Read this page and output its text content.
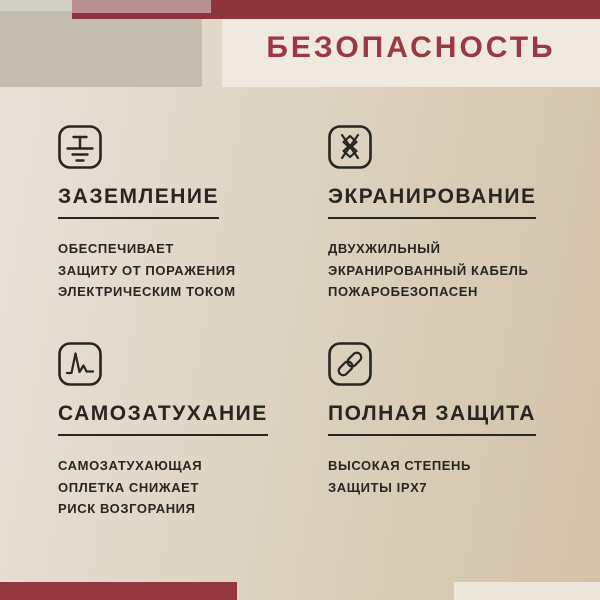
БЕЗОПАСНОСТЬ
ЗАЗЕМЛЕНИЕ
ОБЕСПЕЧИВАЕТ
ЗАЩИТУ ОТ ПОРАЖЕНИЯ
ЭЛЕКТРИЧЕСКИМ ТОКОМ
ЭКРАНИРОВАНИЕ
ДВУХЖИЛЬНЫЙ
ЭКРАНИРОВАННЫЙ КАБЕЛЬ
ПОЖАРОБЕЗОПАСЕН
САМОЗАТУХАНИЕ
САМОЗАТУХАЮЩАЯ
ОПЛЕТКА СНИЖАЕТ
РИСК ВОЗГОРАНИЯ
ПОЛНАЯ ЗАЩИТА
ВЫСОКАЯ СТЕПЕНЬ
ЗАЩИТЫ IPX7
